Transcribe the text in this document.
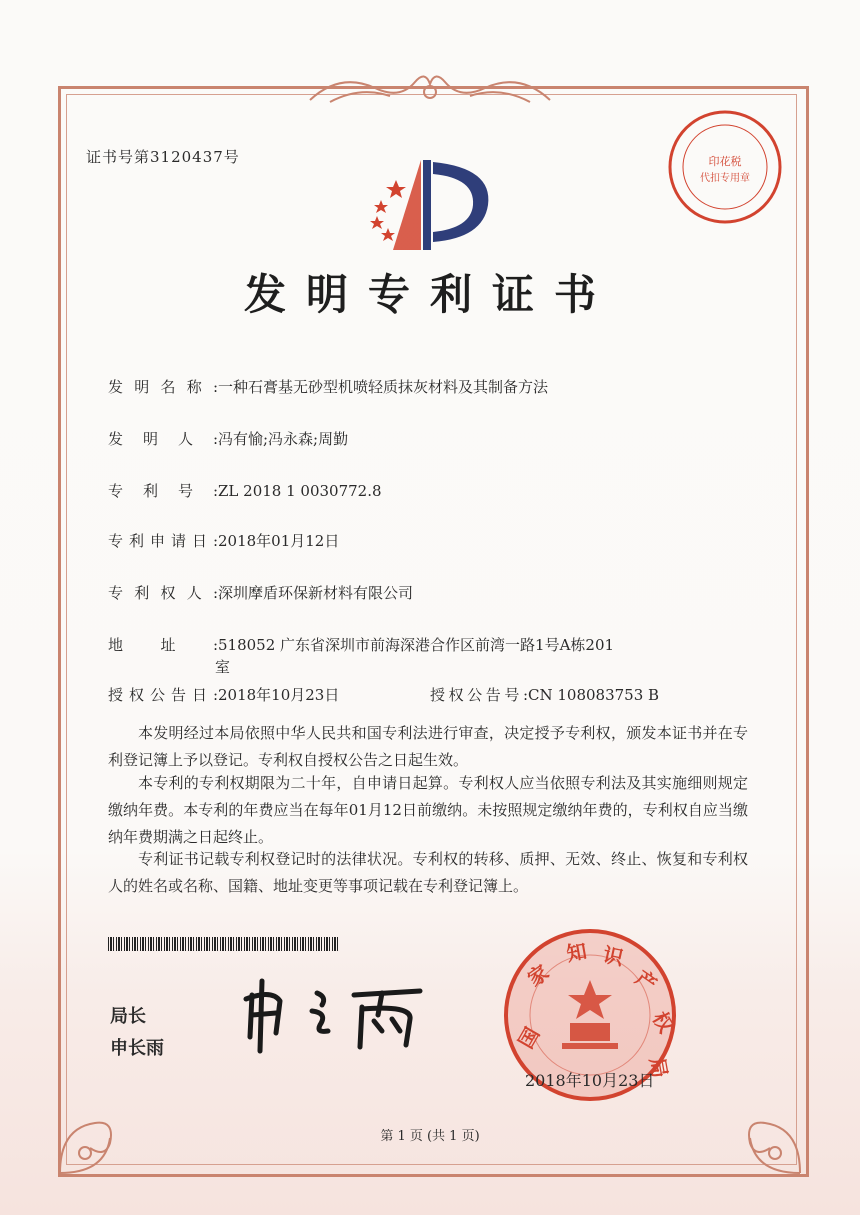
证书号第3120437号	印花税
代扣专用章
发明专利证书
发明名称:一种石膏基无砂型机喷轻质抹灰材料及其制备方法
发明人:冯有愉;冯永森;周勤
专利号:ZL 2018 1 0030772.8
专利申请日:2018年01月12日
专利权人:深圳摩盾环保新材料有限公司
地址:518052 广东省深圳市前海深港合作区前湾一路1号A栋201
室
授权公告日:2018年10月23日	授权公告号:CN 108083753 B
本发明经过本局依照中华人民共和国专利法进行审查，决定授予专利权，颁发本证书并在专利登记簿上予以登记。专利权自授权公告之日起生效。
本专利的专利权期限为二十年，自申请日起算。专利权人应当依照专利法及其实施细则规定缴纳年费。本专利的年费应当在每年01月12日前缴纳。未按照规定缴纳年费的，专利权自应当缴纳年费期满之日起终止。
专利证书记载专利权登记时的法律状况。专利权的转移、质押、无效、终止、恢复和专利权人的姓名或名称、国籍、地址变更等事项记载在专利登记簿上。
局长
申长雨	国
家
知 识
产
权
局
2018年10月23日
第 1 页 (共 1 页)
